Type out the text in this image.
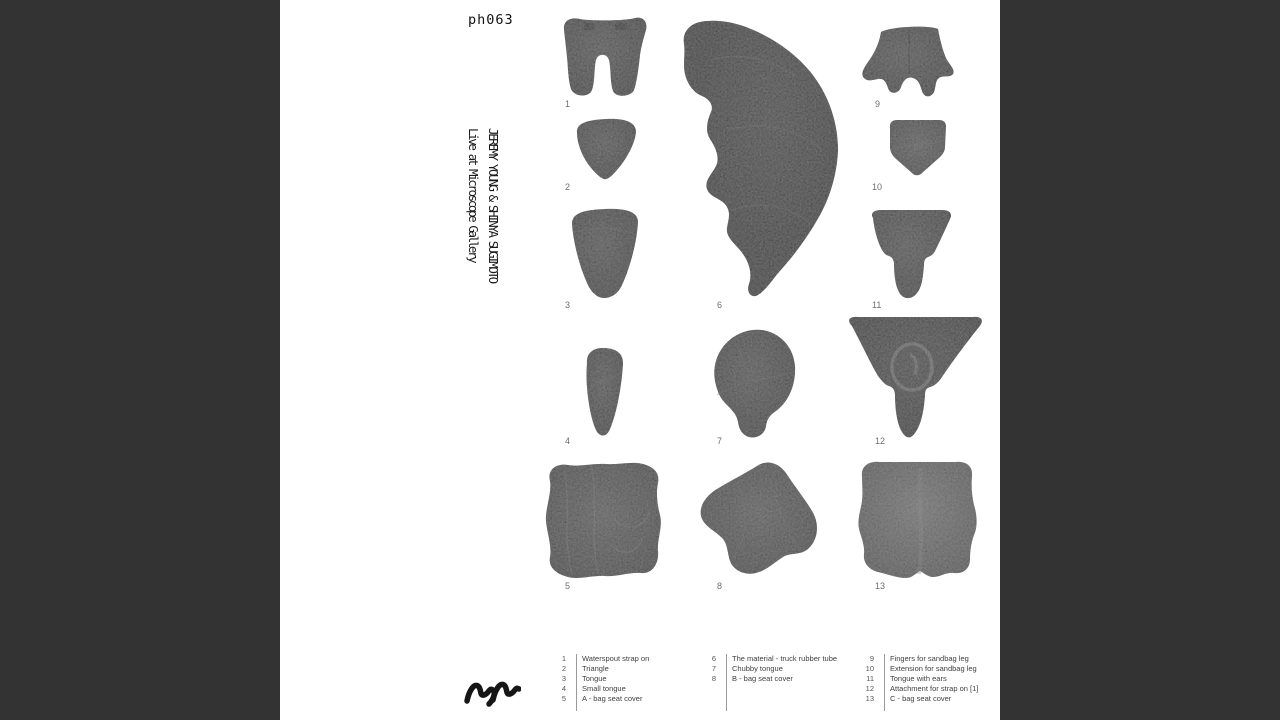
ph063
JEREMY YOUNG & SHINYA SUGIMOTO
Live at Microscope Gallery
1
2
3
4
5
6
7
8
9
10
11
12
13
1	Waterspout strap on
2	Triangle
3	Tongue
4	Small tongue
5	A - bag seat cover
6	The material - truck rubber tube
7	Chubby tongue
8	B - bag seat cover
9	Fingers for sandbag leg
10	Extension for sandbag leg
11	Tongue with ears
12	Attachment for strap on [1]
13	C - bag seat cover
